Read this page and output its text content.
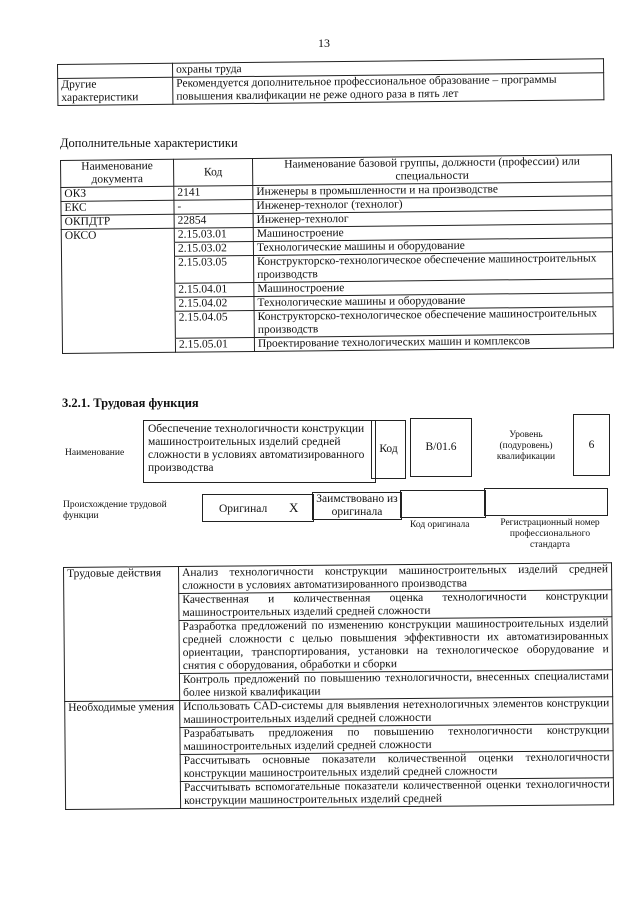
13
	охраны труда
Другие характеристики	Рекомендуется дополнительное профессиональное образование – программы повышения квалификации не реже одного раза в пять лет
Дополнительные характеристики
Наименование документа	Код	Наименование базовой группы, должности (профессии) или специальности
ОКЗ	2141	Инженеры в промышленности и на производстве
ЕКС	-	Инженер-технолог (технолог)
ОКПДТР	22854	Инженер-технолог
ОКСО	2.15.03.01	Машиностроение
	2.15.03.02	Технологические машины и оборудование
	2.15.03.05	Конструкторско-технологическое обеспечение машиностроительных производств
	2.15.04.01	Машиностроение
	2.15.04.02	Технологические машины и оборудование
	2.15.04.05	Конструкторско-технологическое обеспечение машиностроительных производств
	2.15.05.01	Проектирование технологических машин и комплексов
3.2.1. Трудовая функция
Наименование
Обеспечение технологичности конструкции машиностроительных изделий средней сложности в условиях автоматизированного производства
Код	B/01.6
Уровень (подуровень) квалификации
6
Происхождение трудовой функции
Оригинал X
Заимствовано из оригинала
Код оригинала	Регистрационный номер профессионального стандарта
Трудовые действия	Анализ технологичности конструкции машиностроительных изделий средней сложности в условиях автоматизированного производства
	Качественная и количественная оценка технологичности конструкции машиностроительных изделий средней сложности
	Разработка предложений по изменению конструкции машиностроительных изделий средней сложности с целью повышения эффективности их автоматизированных ориентации, транспортирования, установки на технологическое оборудование и снятия с оборудования, обработки и сборки
	Контроль предложений по повышению технологичности, внесенных специалистами более низкой квалификации
Необходимые умения	Использовать CAD-системы для выявления нетехнологичных элементов конструкции машиностроительных изделий средней сложности
	Разрабатывать предложения по повышению технологичности конструкции машиностроительных изделий средней сложности
	Рассчитывать основные показатели количественной оценки технологичности конструкции машиностроительных изделий средней сложности
	Рассчитывать вспомогательные показатели количественной оценки технологичности конструкции машиностроительных изделий средней
